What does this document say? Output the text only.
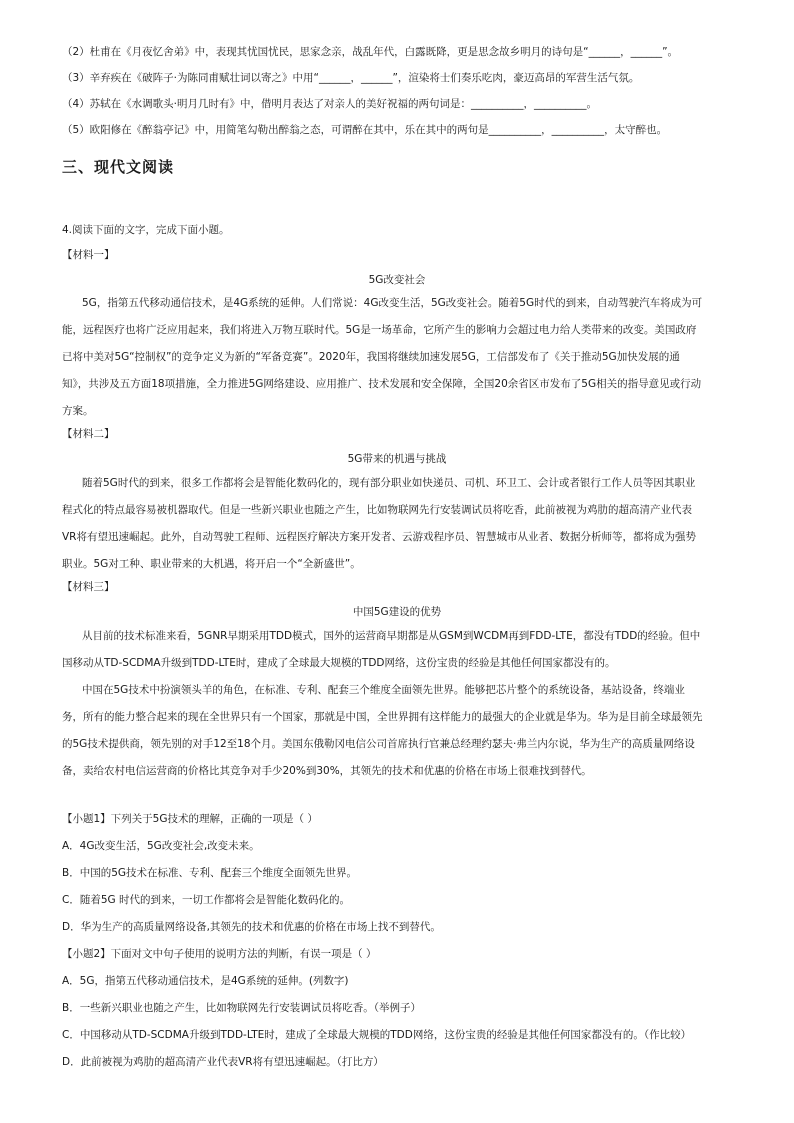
（2）杜甫在《月夜忆舍弟》中，表现其忧国忧民，思家念亲，战乱年代，白露既降，更是思念故乡明月的诗句是“______，______”。
（3）辛弃疾在《破阵子·为陈同甫赋壮词以寄之》中用“______，______”，渲染将士们奏乐吃肉，豪迈高昂的军营生活气氛。
（4）苏轼在《水调歌头·明月几时有》中，借明月表达了对亲人的美好祝福的两句词是：__________，__________。
（5）欧阳修在《醉翁亭记》中，用简笔勾勒出醉翁之态，可谓醉在其中，乐在其中的两句是__________，__________，太守醉也。
三、现代文阅读
4.阅读下面的文字，完成下面小题。
【材料一】
5G改变社会
5G，指第五代移动通信技术，是4G系统的延伸。人们常说：4G改变生活，5G改变社会。随着5G时代的到来，自动驾驶汽车将成为可
能，远程医疗也将广泛应用起来，我们将进入万物互联时代。5G是一场革命，它所产生的影响力会超过电力给人类带来的改变。美国政府
已将中美对5G“控制权”的竞争定义为新的“军备竞赛”。2020年，我国将继续加速发展5G，工信部发布了《关于推动5G加快发展的通
知》，共涉及五方面18项措施，全力推进5G网络建设、应用推广、技术发展和安全保障，全国20余省区市发布了5G相关的指导意见或行动
方案。
【材料二】
5G带来的机遇与挑战
随着5G时代的到来，很多工作都将会是智能化数码化的，现有部分职业如快递员、司机、环卫工、会计或者银行工作人员等因其职业
程式化的特点最容易被机器取代。但是一些新兴职业也随之产生，比如物联网先行安装调试员将吃香，此前被视为鸡肋的超高清产业代表
VR将有望迅速崛起。此外，自动驾驶工程师、远程医疗解决方案开发者、云游戏程序员、智慧城市从业者、数据分析师等，都将成为强势
职业。5G对工种、职业带来的大机遇，将开启一个“全新盛世”。
【材料三】
中国5G建设的优势
从目前的技术标准来看，5GNR早期采用TDD模式，国外的运营商早期都是从GSM到WCDM再到FDD-LTE，都没有TDD的经验。但中
国移动从TD-SCDMA升级到TDD-LTE时，建成了全球最大规模的TDD网络，这份宝贵的经验是其他任何国家都没有的。
中国在5G技术中扮演领头羊的角色，在标准、专利、配套三个维度全面领先世界。能够把芯片整个的系统设备，基站设备，终端业
务，所有的能力整合起来的现在全世界只有一个国家，那就是中国，全世界拥有这样能力的最强大的企业就是华为。华为是目前全球最领先
的5G技术提供商，领先别的对手12至18个月。美国东俄勒冈电信公司首席执行官兼总经理约瑟夫·弗兰内尔说，华为生产的高质量网络设
备，卖给农村电信运营商的价格比其竞争对手少20%到30%，其领先的技术和优惠的价格在市场上很难找到替代。
【小题1】下列关于5G技术的理解，正确的一项是（ ）
A．4G改变生活，5G改变社会,改变未来。
B．中国的5G技术在标准、专利、配套三个维度全面领先世界。
C．随着5G 时代的到来，一切工作都将会是智能化数码化的。
D．华为生产的高质量网络设备,其领先的技术和优惠的价格在市场上找不到替代。
【小题2】下面对文中句子使用的说明方法的判断，有误一项是（ ）
A．5G，指第五代移动通信技术，是4G系统的延伸。(列数字)
B．一些新兴职业也随之产生，比如物联网先行安装调试员将吃香。（举例子）
C．中国移动从TD-SCDMA升级到TDD-LTE时，建成了全球最大规模的TDD网络，这份宝贵的经验是其他任何国家都没有的。（作比较）
D．此前被视为鸡肋的超高清产业代表VR将有望迅速崛起。（打比方）
